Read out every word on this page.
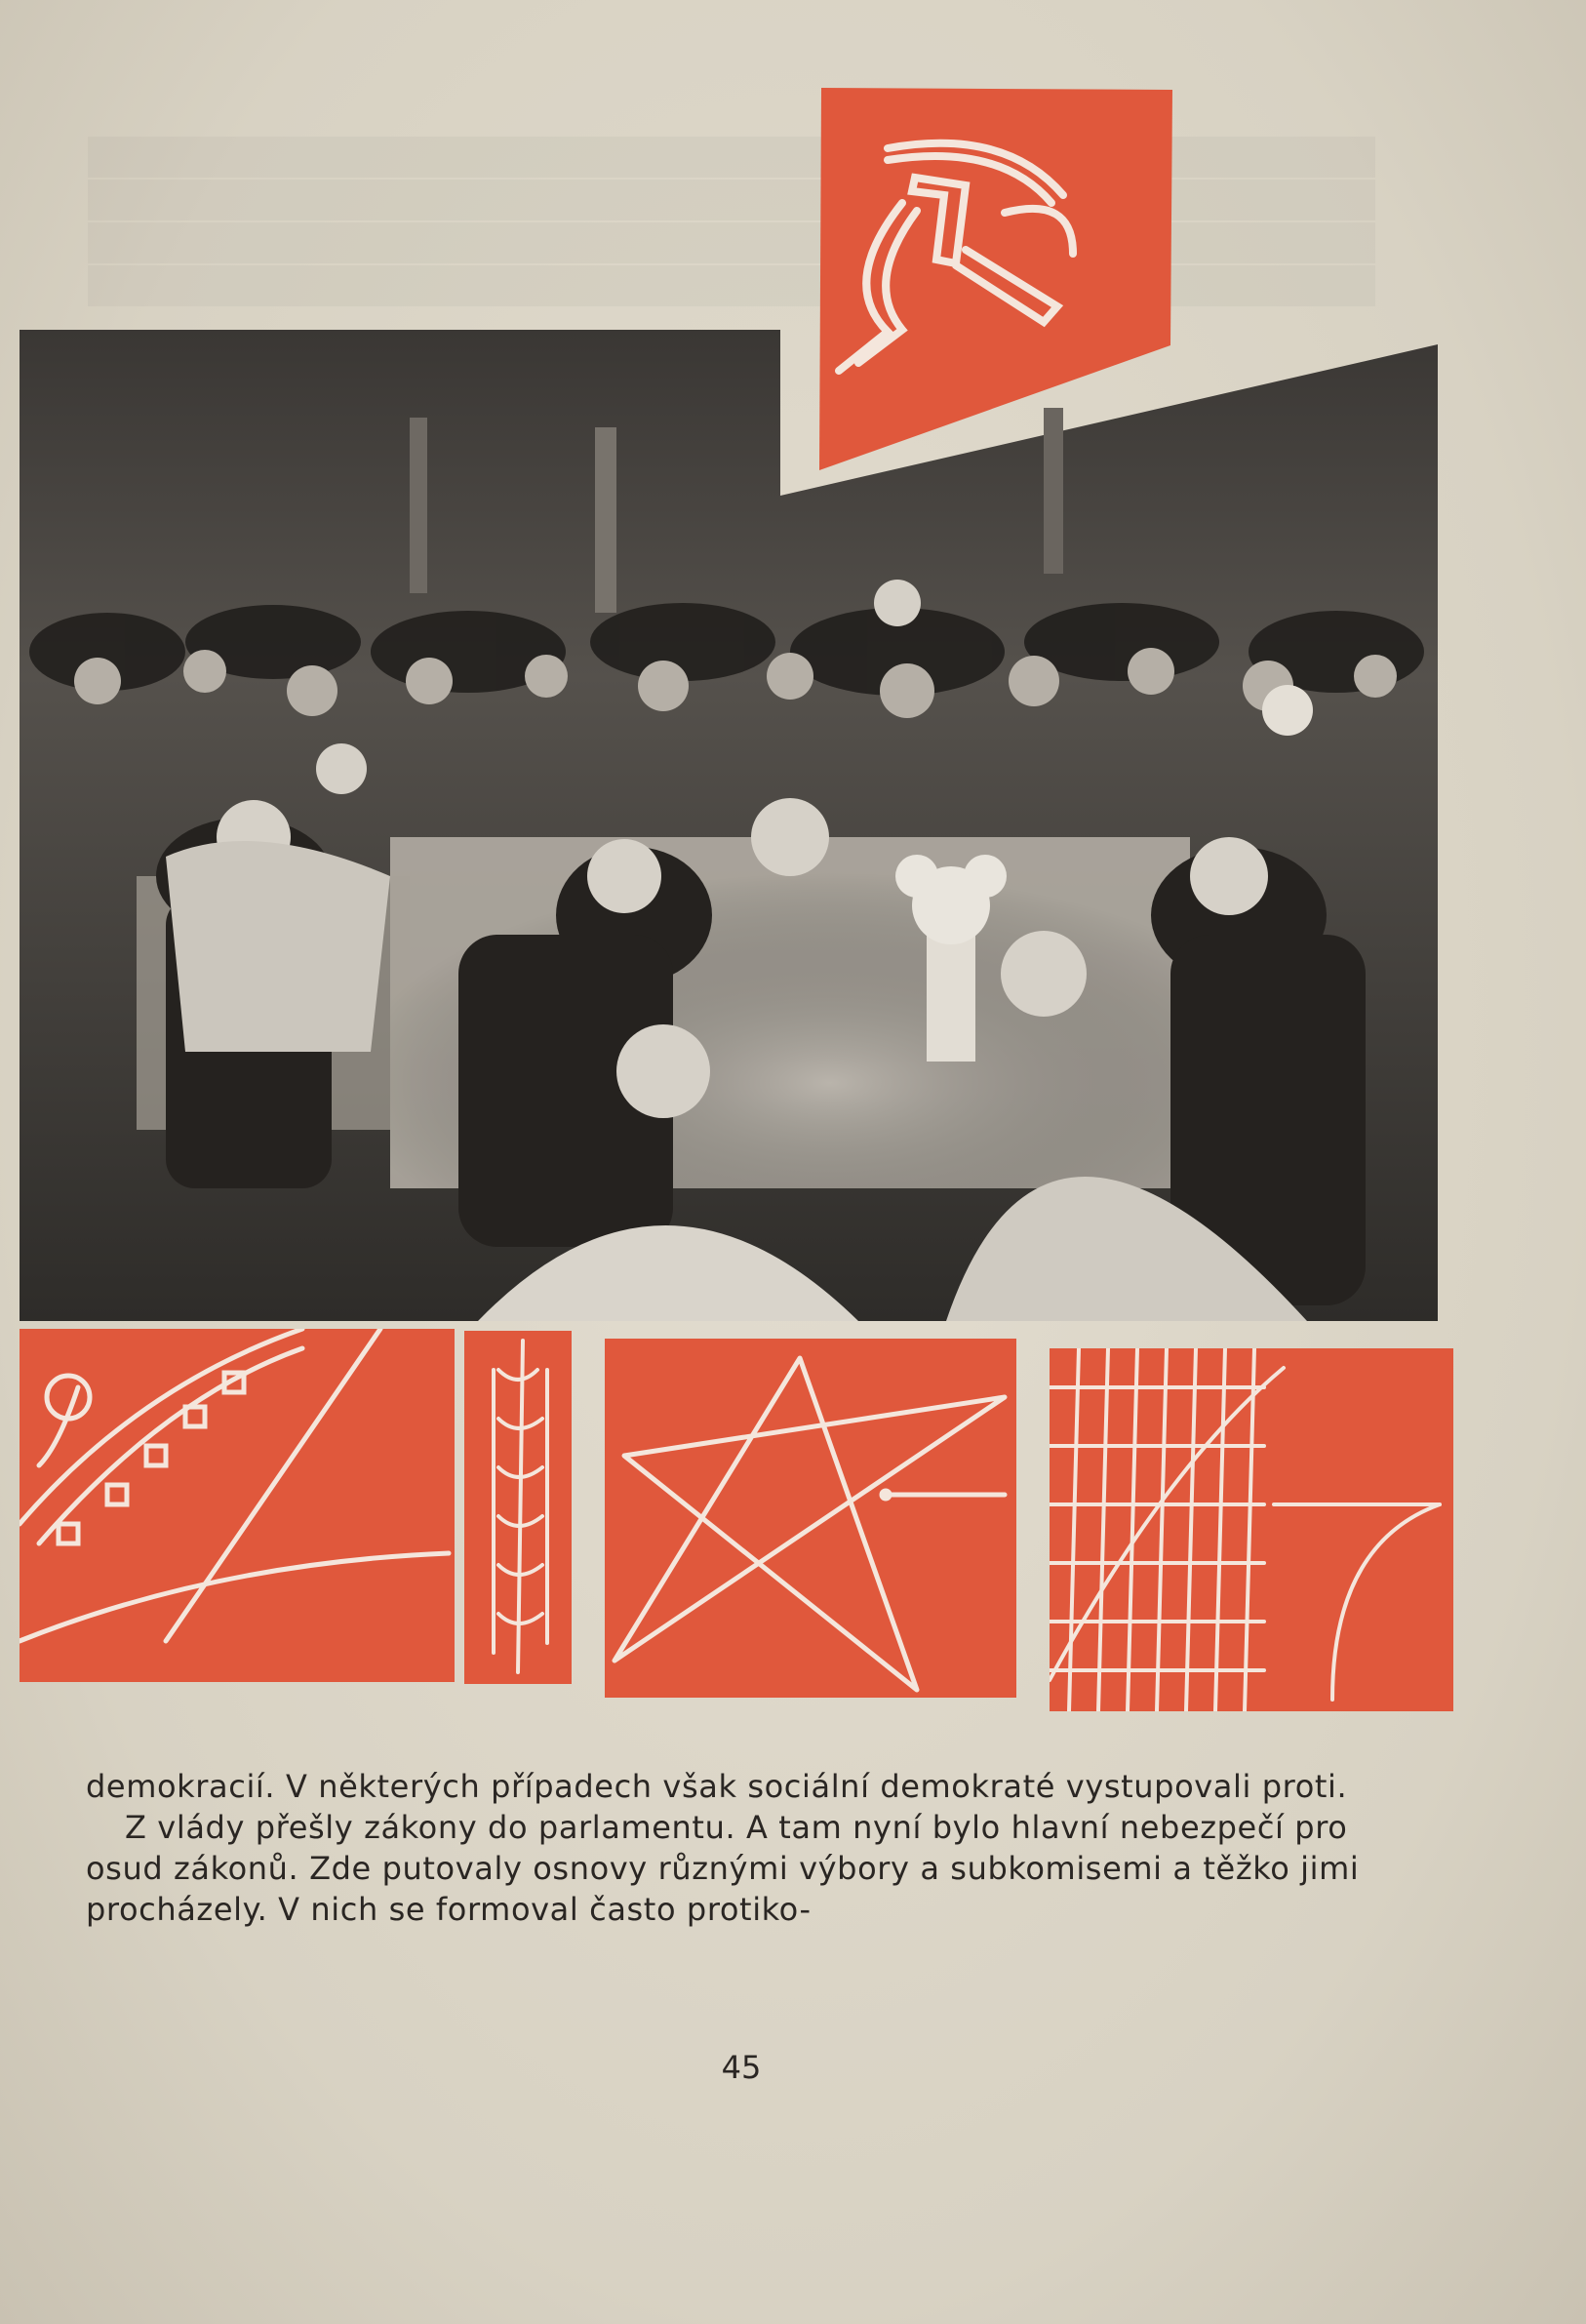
demokracií. V některých případech však sociální demokraté vystupovali proti.

Z vlády přešly zákony do parlamentu. A tam nyní bylo hlavní nebezpečí pro osud zákonů. Zde putovaly osnovy různými výbory a subkomisemi a těžko jimi procházely. V nich se formoval často protiko-

45
